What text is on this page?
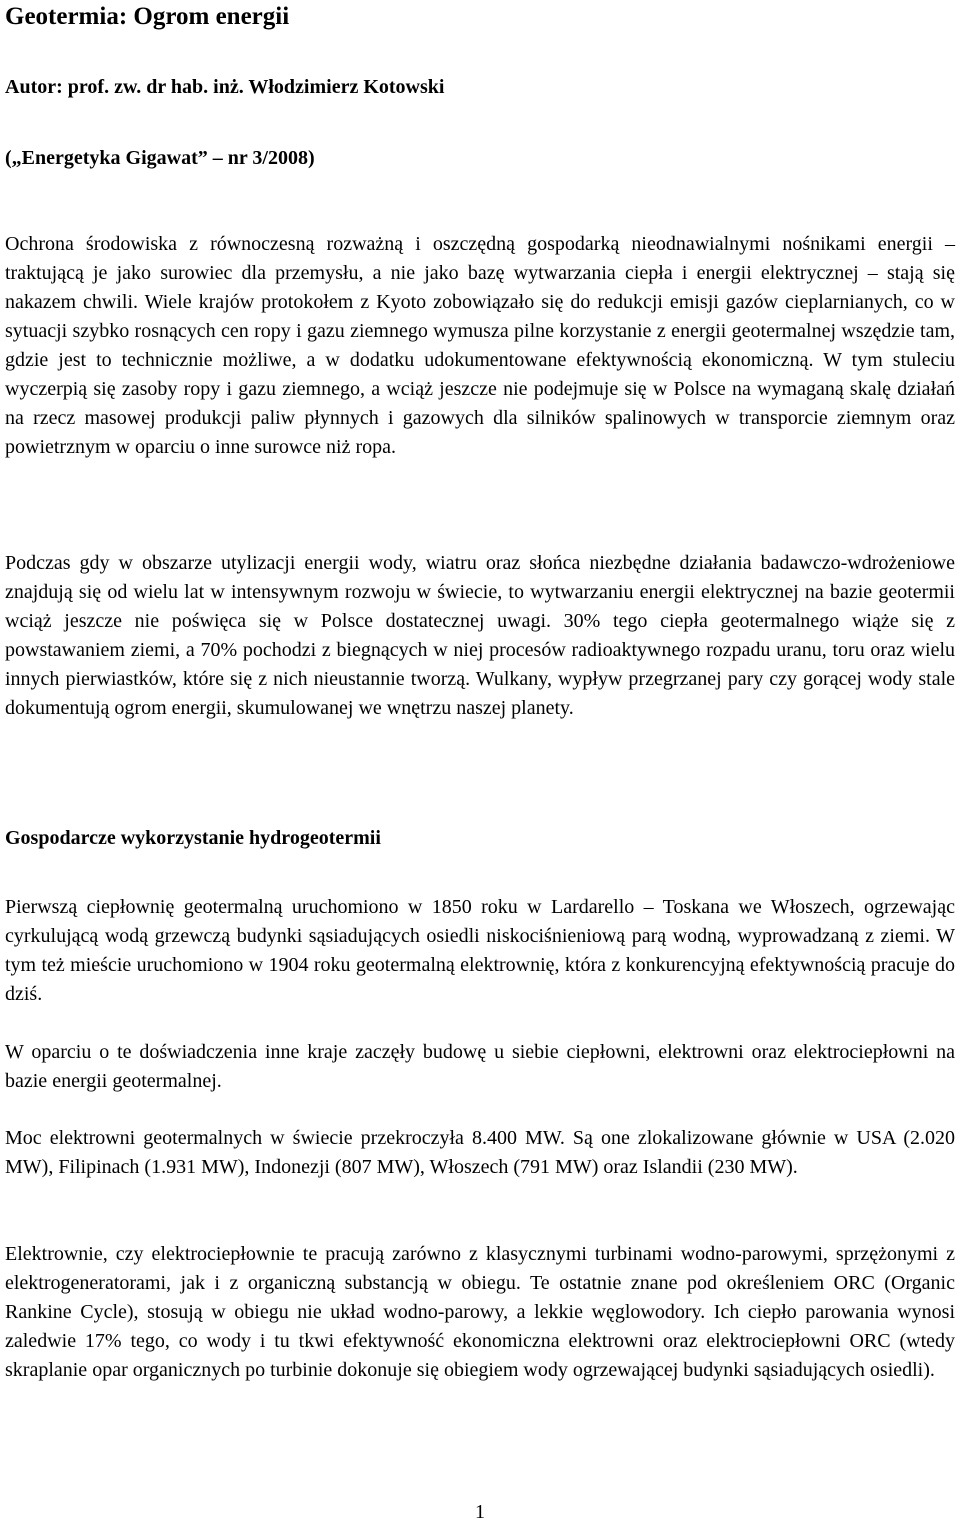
Geotermia: Ogrom energii
Autor: prof. zw. dr hab. inż. Włodzimierz Kotowski
(„Energetyka Gigawat” – nr 3/2008)

Ochrona środowiska z równoczesną rozważną i oszczędną gospodarką nieodnawialnymi nośnikami energii – traktującą je jako surowiec dla przemysłu, a nie jako bazę wytwarzania ciepła i energii elektrycznej – stają się nakazem chwili. Wiele krajów protokołem z Kyoto zobowiązało się do redukcji emisji gazów cieplarnianych, co w sytuacji szybko rosnących cen ropy i gazu ziemnego wymusza pilne korzystanie z energii geotermalnej wszędzie tam, gdzie jest to technicznie możliwe, a w dodatku udokumentowane efektywnością ekonomiczną. W tym stuleciu wyczerpią się zasoby ropy i gazu ziemnego, a wciąż jeszcze nie podejmuje się w Polsce na wymaganą skalę działań na rzecz masowej produkcji paliw płynnych i gazowych dla silników spalinowych w transporcie ziemnym oraz powietrznym w oparciu o inne surowce niż ropa.

Podczas gdy w obszarze utylizacji energii wody, wiatru oraz słońca niezbędne działania badawczo-wdrożeniowe znajdują się od wielu lat w intensywnym rozwoju w świecie, to wytwarzaniu energii elektrycznej na bazie geotermii wciąż jeszcze nie poświęca się w Polsce dostatecznej uwagi. 30% tego ciepła geotermalnego wiąże się z powstawaniem ziemi, a 70% pochodzi z biegnących w niej procesów radioaktywnego rozpadu uranu, toru oraz wielu innych pierwiastków, które się z nich nieustannie tworzą. Wulkany, wypływ przegrzanej pary czy gorącej wody stale dokumentują ogrom energii, skumulowanej we wnętrzu naszej planety.

Gospodarcze wykorzystanie hydrogeotermii

Pierwszą ciepłownię geotermalną uruchomiono w 1850 roku w Lardarello – Toskana we Włoszech, ogrzewając cyrkulującą wodą grzewczą budynki sąsiadujących osiedli niskociśnieniową parą wodną, wyprowadzaną z ziemi. W tym też mieście uruchomiono w 1904 roku geotermalną elektrownię, która z konkurencyjną efektywnością pracuje do dziś.

W oparciu o te doświadczenia inne kraje zaczęły budowę u siebie ciepłowni, elektrowni oraz elektrociepłowni na bazie energii geotermalnej.

Moc elektrowni geotermalnych w świecie przekroczyła 8.400 MW. Są one zlokalizowane głównie w USA (2.020 MW), Filipinach (1.931 MW), Indonezji (807 MW), Włoszech (791 MW) oraz Islandii (230 MW).

Elektrownie, czy elektrociepłownie te pracują zarówno z klasycznymi turbinami wodno-parowymi, sprzężonymi z elektrogeneratorami, jak i z organiczną substancją w obiegu. Te ostatnie znane pod określeniem ORC (Organic Rankine Cycle), stosują w obiegu nie układ wodno-parowy, a lekkie węglowodory. Ich ciepło parowania wynosi zaledwie 17% tego, co wody i tu tkwi efektywność ekonomiczna elektrowni oraz elektrociepłowni ORC (wtedy skraplanie opar organicznych po turbinie dokonuje się obiegiem wody ogrzewającej budynki sąsiadujących osiedli).

1
